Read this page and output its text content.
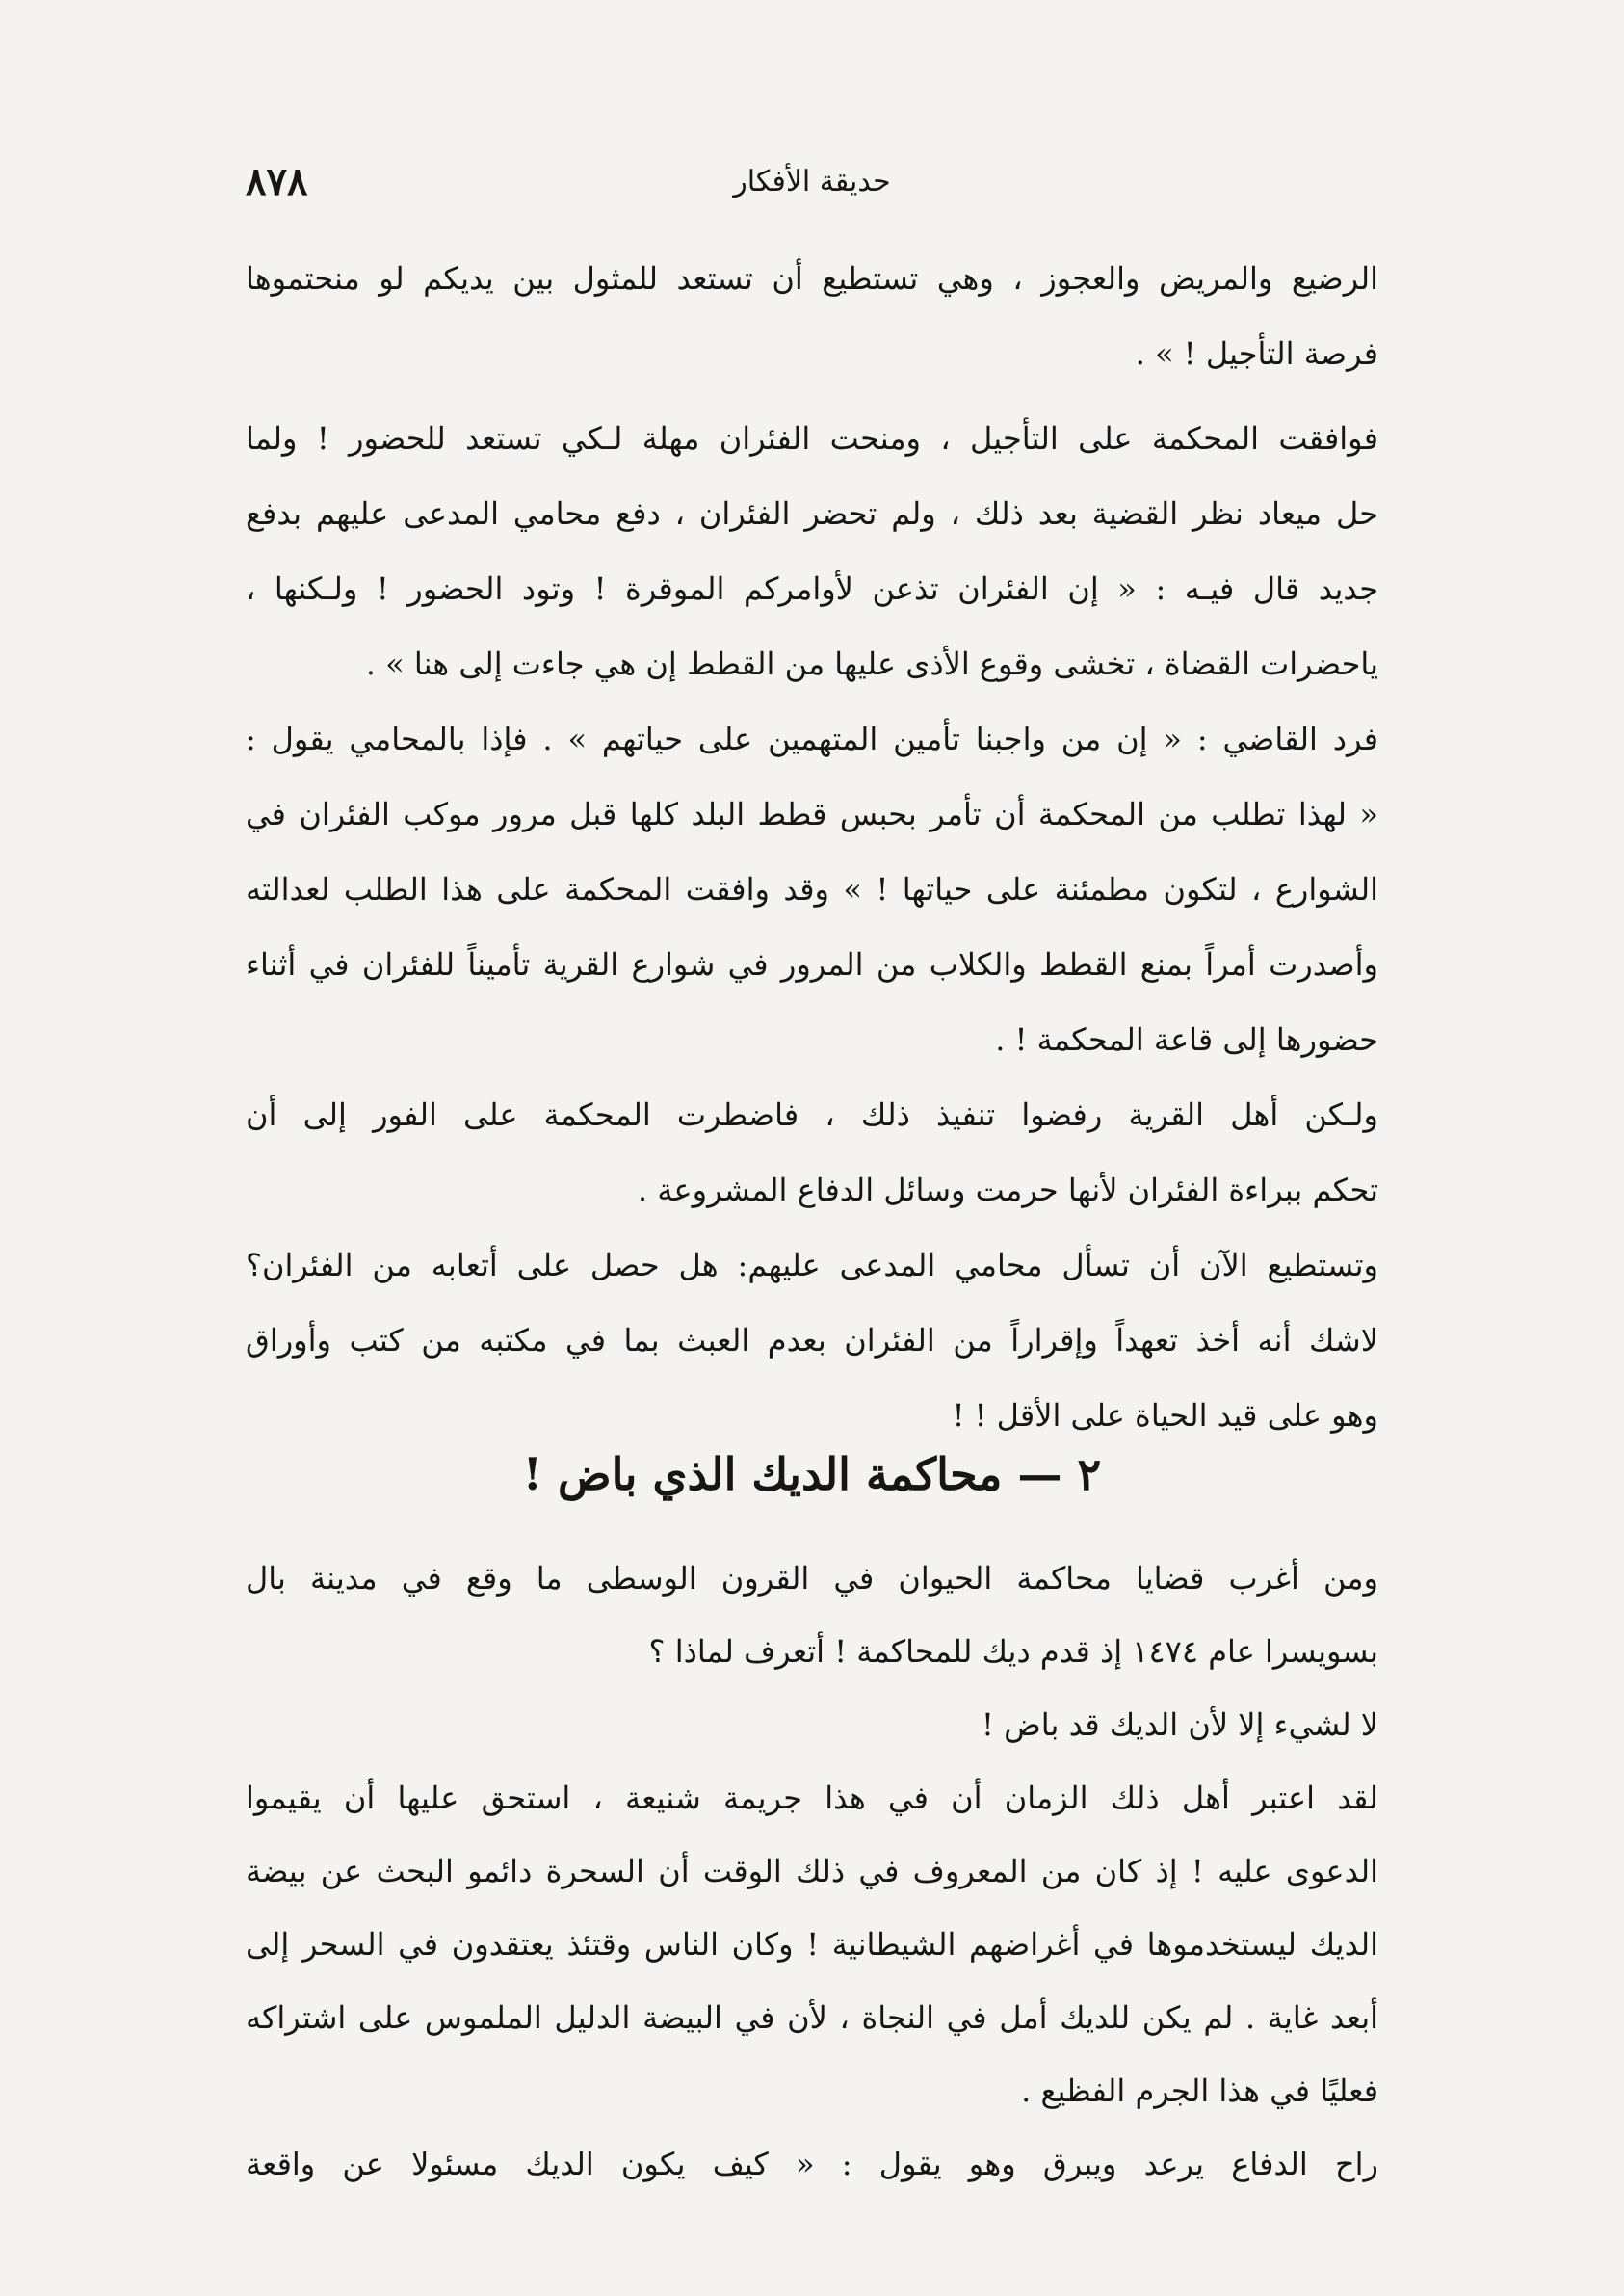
٨٧٨	حديقة الأفكار

الرضيع والمريض والعجوز ، وهي تستطيع أن تستعد للمثول بين يديكم لو منحتموها

فرصة التأجيل ! » .

فوافقت المحكمة على التأجيل ، ومنحت الفئران مهلة لـكي تستعد للحضور ! ولما

حل ميعاد نظر القضية بعد ذلك ، ولم تحضر الفئران ، دفع محامي المدعى عليهم بدفع

جديد قال فيـه : « إن الفئران تذعن لأوامركم الموقرة ! وتود الحضور ! ولـكنها ،

ياحضرات القضاة ، تخشى وقوع الأذى عليها من القطط إن هي جاءت إلى هنا » .

فرد القاضي : « إن من واجبنا تأمين المتهمين على حياتهم » . فإذا بالمحامي يقول :

« لهذا تطلب من المحكمة أن تأمر بحبس قطط البلد كلها قبل مرور موكب الفئران في

الشوارع ، لتكون مطمئنة على حياتها ! » وقد وافقت المحكمة على هذا الطلب لعدالته

وأصدرت أمراً بمنع القطط والكلاب من المرور في شوارع القرية تأميناً للفئران في أثناء

حضورها إلى قاعة المحكمة ! .

ولـكن أهل القرية رفضوا تنفيذ ذلك ، فاضطرت المحكمة على الفور إلى أن

تحكم ببراءة الفئران لأنها حرمت وسائل الدفاع المشروعة .

وتستطيع الآن أن تسأل محامي المدعى عليهم: هل حصل على أتعابه من الفئران؟

لاشك أنه أخذ تعهداً وإقراراً من الفئران بعدم العبث بما في مكتبه من كتب وأوراق

وهو على قيد الحياة على الأقل ! !

٢ — محاكمة الديك الذي باض !

ومن أغرب قضايا محاكمة الحيوان في القرون الوسطى ما وقع في مدينة بال

بسويسرا عام ١٤٧٤ إذ قدم ديك للمحاكمة ! أتعرف لماذا ؟

لا لشيء إلا لأن الديك قد باض !

لقد اعتبر أهل ذلك الزمان أن في هذا جريمة شنيعة ، استحق عليها أن يقيموا

الدعوى عليه ! إذ كان من المعروف في ذلك الوقت أن السحرة دائمو البحث عن بيضة

الديك ليستخدموها في أغراضهم الشيطانية ! وكان الناس وقتئذ يعتقدون في السحر إلى

أبعد غاية . لم يكن للديك أمل في النجاة ، لأن في البيضة الدليل الملموس على اشتراكه

فعليًا في هذا الجرم الفظيع .

راح الدفاع يرعد ويبرق وهو يقول : « كيف يكون الديك مسئولا عن واقعة
